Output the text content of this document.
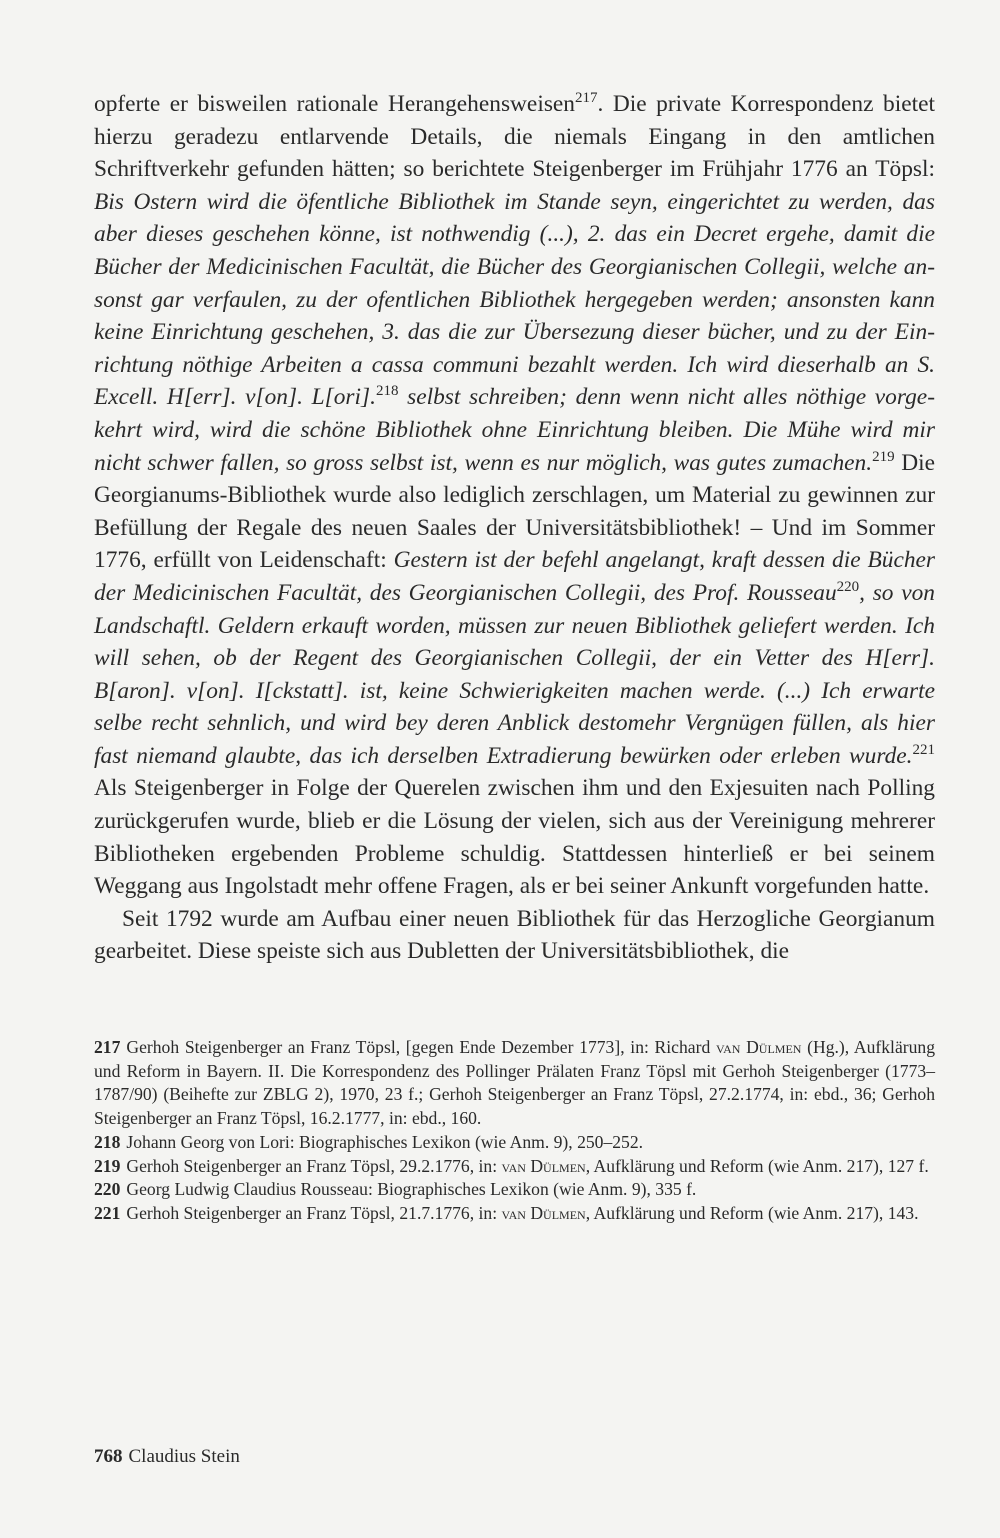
opferte er bisweilen rationale Herangehensweisen$^{217}$. Die private Korrespondenz bietet hierzu geradezu entlarvende Details, die niemals Eingang in den amtlichen Schriftverkehr gefunden hätten; so berichtete Steigenberger im Frühjahr 1776 an Töpsl: Bis Ostern wird die öfentliche Bibliothek im Stande seyn, eingerichtet zu werden, das aber dieses geschehen könne, ist nothwendig (...), 2. das ein Decret ergehe, damit die Bücher der Medicinischen Facultät, die Bücher des Georgianischen Collegii, welche ansonst gar verfaulen, zu der ofentlichen Bibliothek hergegeben werden; ansonsten kann keine Einrichtung geschehen, 3. das die zur Übersezung dieser bücher, und zu der Einrichtung nöthige Arbeiten a cassa communi bezahlt werden. Ich wird dieserhalb an S. Excell. H[err]. v[on]. L[ori].$^{218}$ selbst schreiben; denn wenn nicht alles nöthige vorgekehrt wird, wird die schöne Bibliothek ohne Einrichtung bleiben. Die Mühe wird mir nicht schwer fallen, so gross selbst ist, wenn es nur möglich, was gutes zumachen.$^{219}$ Die Georgianums-Bibliothek wurde also lediglich zerschlagen, um Material zu gewinnen zur Befüllung der Regale des neuen Saales der Universitätsbibliothek! – Und im Sommer 1776, erfüllt von Leidenschaft: Gestern ist der befehl angelangt, kraft dessen die Bücher der Medicinischen Facultät, des Georgianischen Collegii, des Prof. Rousseau$^{220}$, so von Landschaftl. Geldern erkauft worden, müssen zur neuen Bibliothek geliefert werden. Ich will sehen, ob der Regent des Georgianischen Collegii, der ein Vetter des H[err]. B[aron]. v[on]. I[ckstatt]. ist, keine Schwierigkeiten machen werde. (...) Ich erwarte selbe recht sehnlich, und wird bey deren Anblick destomehr Vergnügen füllen, als hier fast niemand glaubte, das ich derselben Extradierung bewürken oder erleben wurde.$^{221}$ Als Steigenberger in Folge der Querelen zwischen ihm und den Exjesuiten nach Polling zurückgerufen wurde, blieb er die Lösung der vielen, sich aus der Vereinigung mehrerer Bibliotheken ergebenden Probleme schuldig. Stattdessen hinterließ er bei seinem Weggang aus Ingolstadt mehr offene Fragen, als er bei seiner Ankunft vorgefunden hatte.

Seit 1792 wurde am Aufbau einer neuen Bibliothek für das Herzogliche Georgianum gearbeitet. Diese speiste sich aus Dubletten der Universitätsbibliothek, die

217 Gerhoh Steigenberger an Franz Töpsl, [gegen Ende Dezember 1773], in: Richard van Dülmen (Hg.), Aufklärung und Reform in Bayern. II. Die Korrespondenz des Pollinger Prälaten Franz Töpsl mit Gerhoh Steigenberger (1773–1787/90) (Beihefte zur ZBLG 2), 1970, 23 f.; Gerhoh Steigenberger an Franz Töpsl, 27.2.1774, in: ebd., 36; Gerhoh Steigenberger an Franz Töpsl, 16.2.1777, in: ebd., 160.

218 Johann Georg von Lori: Biographisches Lexikon (wie Anm. 9), 250–252.

219 Gerhoh Steigenberger an Franz Töpsl, 29.2.1776, in: van Dülmen, Aufklärung und Reform (wie Anm. 217), 127 f.

220 Georg Ludwig Claudius Rousseau: Biographisches Lexikon (wie Anm. 9), 335 f.

221 Gerhoh Steigenberger an Franz Töpsl, 21.7.1776, in: van Dülmen, Aufklärung und Reform (wie Anm. 217), 143.

768 Claudius Stein
